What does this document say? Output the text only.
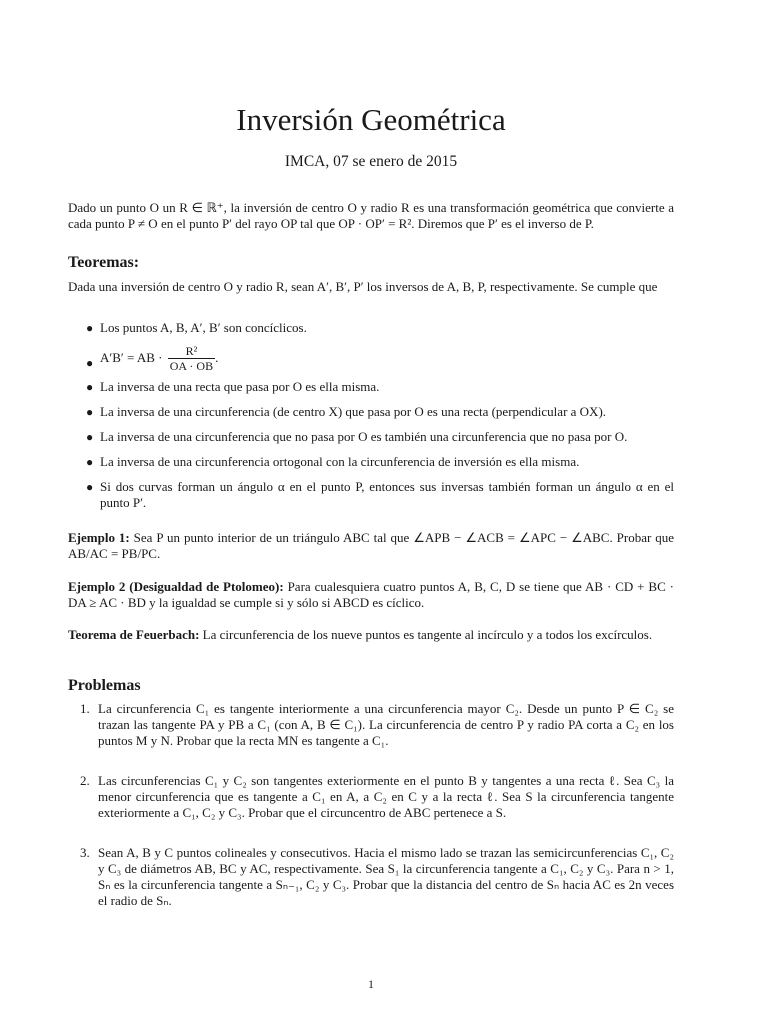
Inversión Geométrica
IMCA, 07 se enero de 2015

Dado un punto O un R ∈ ℝ⁺, la inversión de centro O y radio R es una transformación geométrica que convierte a cada punto P ≠ O en el punto P′ del rayo OP tal que OP · OP′ = R². Diremos que P′ es el inverso de P.

Teoremas:

Dada una inversión de centro O y radio R, sean A′, B′, P′ los inversos de A, B, P, respectivamente. Se cumple que

● Los puntos A, B, A′, B′ son concíclicos.
● A′B′ = AB · $\frac{\text{R²}}{OA \cdot OB}$ .
● La inversa de una recta que pasa por O es ella misma.
● La inversa de una circunferencia (de centro X) que pasa por O es una recta (perpendicular a OX).
● La inversa de una circunferencia que no pasa por O es también una circunferencia que no pasa por O.
● La inversa de una circunferencia ortogonal con la circunferencia de inversión es ella misma.
● Si dos curvas forman un ángulo α en el punto P, entonces sus inversas también forman un ángulo α en el punto P′.

Ejemplo 1: Sea P un punto interior de un triángulo ABC tal que ∠APB − ∠ACB = ∠APC − ∠ABC. Probar que AB/AC = PB/PC.

Ejemplo 2 (Desigualdad de Ptolomeo): Para cualesquiera cuatro puntos A, B, C, D se tiene que AB · CD + BC · DA ≥ AC · BD y la igualdad se cumple si y sólo si ABCD es cíclico.

Teorema de Feuerbach: La circunferencia de los nueve puntos es tangente al incírculo y a todos los excírculos.

Problemas
1. La circunferencia C₁ es tangente interiormente a una circunferencia mayor C₂. Desde un punto P ∈ C₂ se trazan las tangente PA y PB a C₁ (con A, B ∈ C₁). La circunferencia de centro P y radio PA corta a C₂ en los puntos M y N. Probar que la recta MN es tangente a C₁.
2. Las circunferencias C₁ y C₂ son tangentes exteriormente en el punto B y tangentes a una recta ℓ. Sea C₃ la menor circunferencia que es tangente a C₁ en A, a C₂ en C y a la recta ℓ. Sea S la circunferencia tangente exteriormente a C₁, C₂ y C₃. Probar que el circuncentro de ABC pertenece a S.
3. Sean A, B y C puntos colineales y consecutivos. Hacia el mismo lado se trazan las semicircunferencias C₁, C₂ y C₃ de diámetros AB, BC y AC, respectivamente. Sea S₁ la circunferencia tangente a C₁, C₂ y C₃. Para n > 1, Sₙ es la circunferencia tangente a Sₙ₋₁, C₂ y C₃. Probar que la distancia del centro de Sₙ hacia AC es 2n veces el radio de Sₙ.
1
